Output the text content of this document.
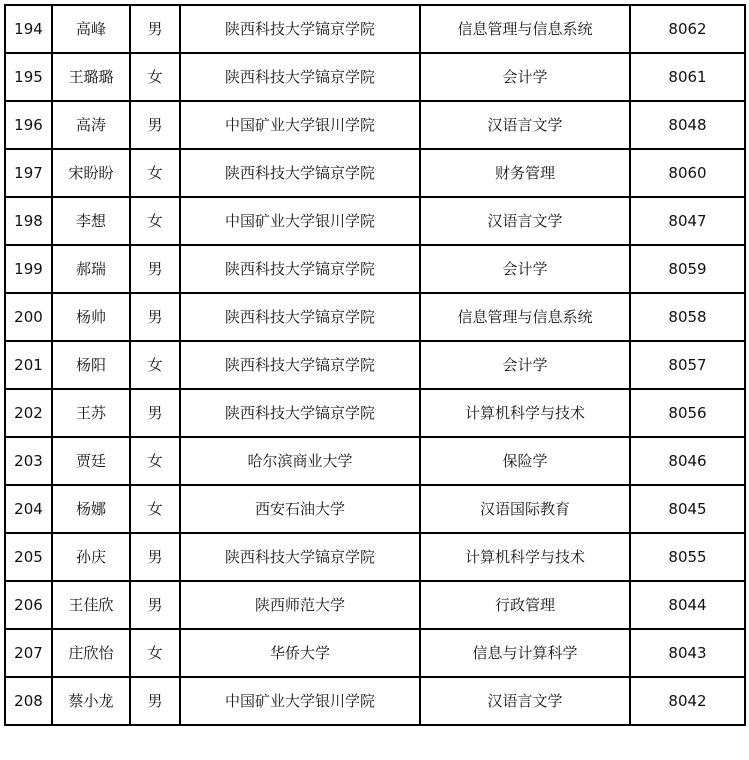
194	高峰	男	陕西科技大学镐京学院	信息管理与信息系统	8062
195	王璐璐	女	陕西科技大学镐京学院	会计学	8061
196	高涛	男	中国矿业大学银川学院	汉语言文学	8048
197	宋盼盼	女	陕西科技大学镐京学院	财务管理	8060
198	李想	女	中国矿业大学银川学院	汉语言文学	8047
199	郝瑞	男	陕西科技大学镐京学院	会计学	8059
200	杨帅	男	陕西科技大学镐京学院	信息管理与信息系统	8058
201	杨阳	女	陕西科技大学镐京学院	会计学	8057
202	王苏	男	陕西科技大学镐京学院	计算机科学与技术	8056
203	贾廷	女	哈尔滨商业大学	保险学	8046
204	杨娜	女	西安石油大学	汉语国际教育	8045
205	孙庆	男	陕西科技大学镐京学院	计算机科学与技术	8055
206	王佳欣	男	陕西师范大学	行政管理	8044
207	庄欣怡	女	华侨大学	信息与计算科学	8043
208	蔡小龙	男	中国矿业大学银川学院	汉语言文学	8042
